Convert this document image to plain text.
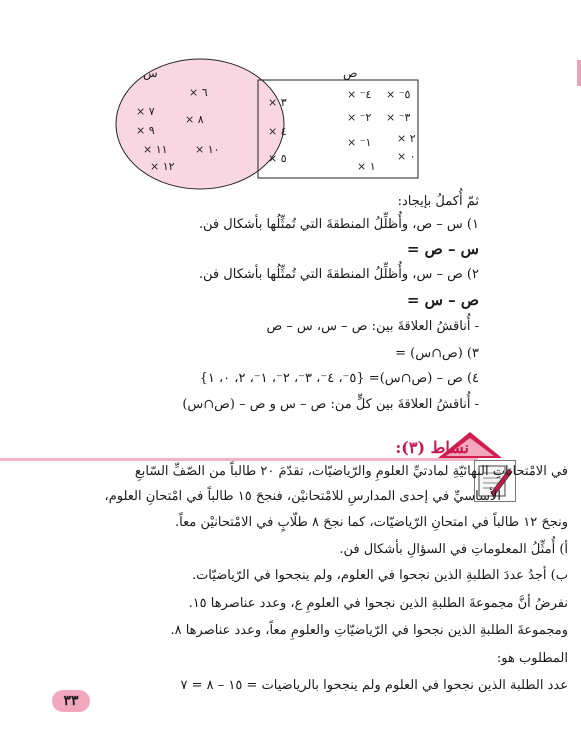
س	ص
٦ ×
٧ ×
٨ ×
٩ ×
١١ × ١٠ ×
١٢ ×
٣ ×
٤ ×
٥ ×
٤⁻ × ٥⁻ ×
٢⁻ × ٣⁻ ×
١⁻ × ٢ ×
٠ ×
١ ×
ثمّ أُكملُ بإيجاد:
١) س – ص، وأُظلِّلُ المنطقةَ التي تُمثِّلُها بأشكال فن.
س – ص =
٢) ص – س، وأُظلِّلُ المنطقةَ التي تُمثِّلُها بأشكال فن.
ص – س =
- أُناقشُ العلاقةَ بين: ص – س، س – ص
٣) (ص∩س) =
٤) ص – (ص∩س)= {٥⁻، ٤⁻، ٣⁻، ٢⁻، ١⁻، ٢، ٠، ١}
- أُناقشُ العلاقةَ بين كلٍّ من: ص – س و ص – (ص∩س)
نشاط (٣):
في الامْتحاناتِ النهائيّةِ لمادتيِّ العلومِ والرّياضيّات، تقدّمَ ٢٠ طالباً من الصّفِّ السّابعِ
الأساسيِّ في إحدى المدارسِ للامْتحانيْن، فنجحَ ١٥ طالباً في امْتحانِ العلوم،
ونجحَ ١٢ طالباً في امتحانِ الرّياضيّات، كما نجحَ ٨ طلّابٍ في الامْتحانيْن معاً.
أ) أُمثِّلُ المعلوماتِ في السؤالِ بأشكال فن.
ب) أجدُ عددَ الطلبةِ الذين نجحوا في العلوم، ولم ينجحوا في الرّياضيّات.
نفرضُ أنَّ مجموعةَ الطلبةِ الذين نجحوا في العلومِ ع، وعدد عناصرها ١٥.
ومجموعةَ الطلبةِ الذين نجحوا في الرّياضيّاتِ والعلومِ معاً، وعدد عناصرها ٨.
المطلوب هو:
عدد الطلبة الذين نجحوا في العلوم ولم ينجحوا بالرياضيات = ١٥ – ٨ = ٧
٣٣
